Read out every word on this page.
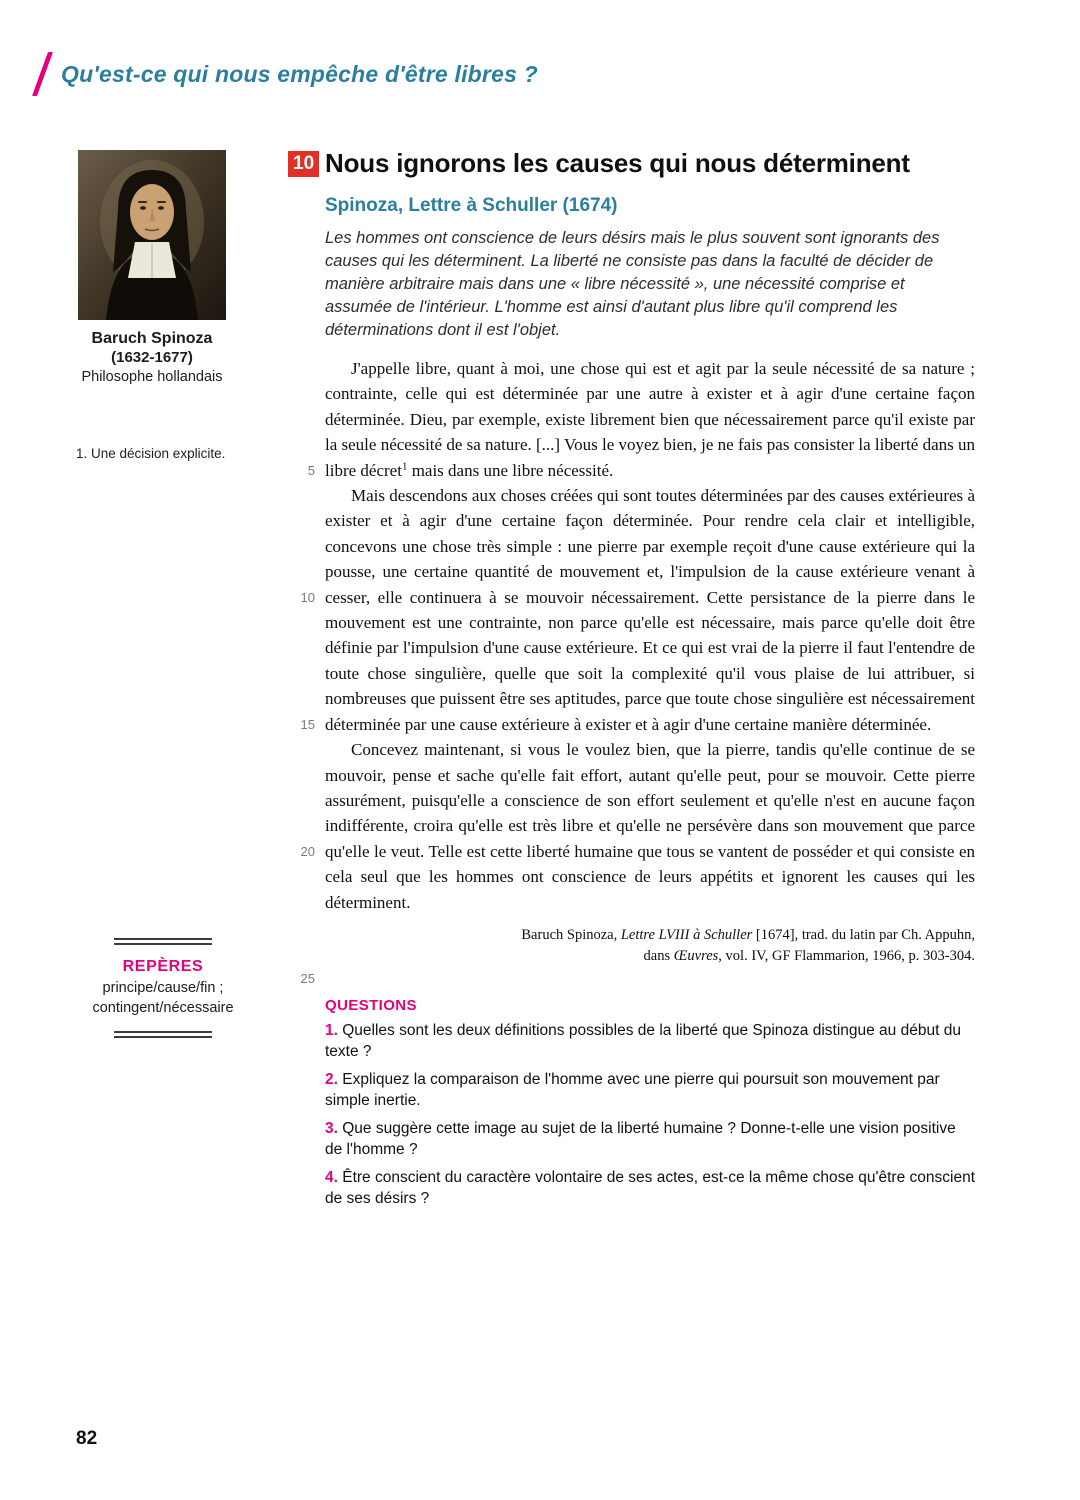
Qu'est-ce qui nous empêche d'être libres ?
Baruch Spinoza
(1632-1677)
Philosophe hollandais
1. Une décision explicite.
REPÈRES
principe/cause/fin ;
contingent/nécessaire
10 Nous ignorons les causes qui nous déterminent
Spinoza, Lettre à Schuller (1674)

Les hommes ont conscience de leurs désirs mais le plus souvent sont ignorants des causes qui les déterminent. La liberté ne consiste pas dans la faculté de décider de manière arbitraire mais dans une « libre nécessité », une nécessité comprise et assumée de l'intérieur. L'homme est ainsi d'autant plus libre qu'il comprend les déterminations dont il est l'objet.

5
10
15
20
25

J'appelle libre, quant à moi, une chose qui est et agit par la seule nécessité de sa nature ; contrainte, celle qui est déterminée par une autre à exister et à agir d'une certaine façon déterminée. Dieu, par exemple, existe librement bien que nécessairement parce qu'il existe par la seule nécessité de sa nature. [...] Vous le voyez bien, je ne fais pas consister la liberté dans un libre décret$^1$ mais dans une libre nécessité.

Mais descendons aux choses créées qui sont toutes déterminées par des causes extérieures à exister et à agir d'une certaine façon déterminée. Pour rendre cela clair et intelligible, concevons une chose très simple : une pierre par exemple reçoit d'une cause extérieure qui la pousse, une certaine quantité de mouvement et, l'impulsion de la cause extérieure venant à cesser, elle continuera à se mouvoir nécessairement. Cette persistance de la pierre dans le mouvement est une contrainte, non parce qu'elle est nécessaire, mais parce qu'elle doit être définie par l'impulsion d'une cause extérieure. Et ce qui est vrai de la pierre il faut l'entendre de toute chose singulière, quelle que soit la complexité qu'il vous plaise de lui attribuer, si nombreuses que puissent être ses aptitudes, parce que toute chose singulière est nécessairement déterminée par une cause extérieure à exister et à agir d'une certaine manière déterminée.

Concevez maintenant, si vous le voulez bien, que la pierre, tandis qu'elle continue de se mouvoir, pense et sache qu'elle fait effort, autant qu'elle peut, pour se mouvoir. Cette pierre assurément, puisqu'elle a conscience de son effort seulement et qu'elle n'est en aucune façon indifférente, croira qu'elle est très libre et qu'elle ne persévère dans son mouvement que parce qu'elle le veut. Telle est cette liberté humaine que tous se vantent de posséder et qui consiste en cela seul que les hommes ont conscience de leurs appétits et ignorent les causes qui les déterminent.

Baruch Spinoza, Lettre LVIII à Schuller [1674], trad. du latin par Ch. Appuhn,
dans Œuvres, vol. IV, GF Flammarion, 1966, p. 303-304.
QUESTIONS

1. Quelles sont les deux définitions possibles de la liberté que Spinoza distingue au début du texte ?

2. Expliquez la comparaison de l'homme avec une pierre qui poursuit son mouvement par simple inertie.

3. Que suggère cette image au sujet de la liberté humaine ? Donne-t-elle une vision positive de l'homme ?

4. Être conscient du caractère volontaire de ses actes, est-ce la même chose qu'être conscient de ses désirs ?

82
